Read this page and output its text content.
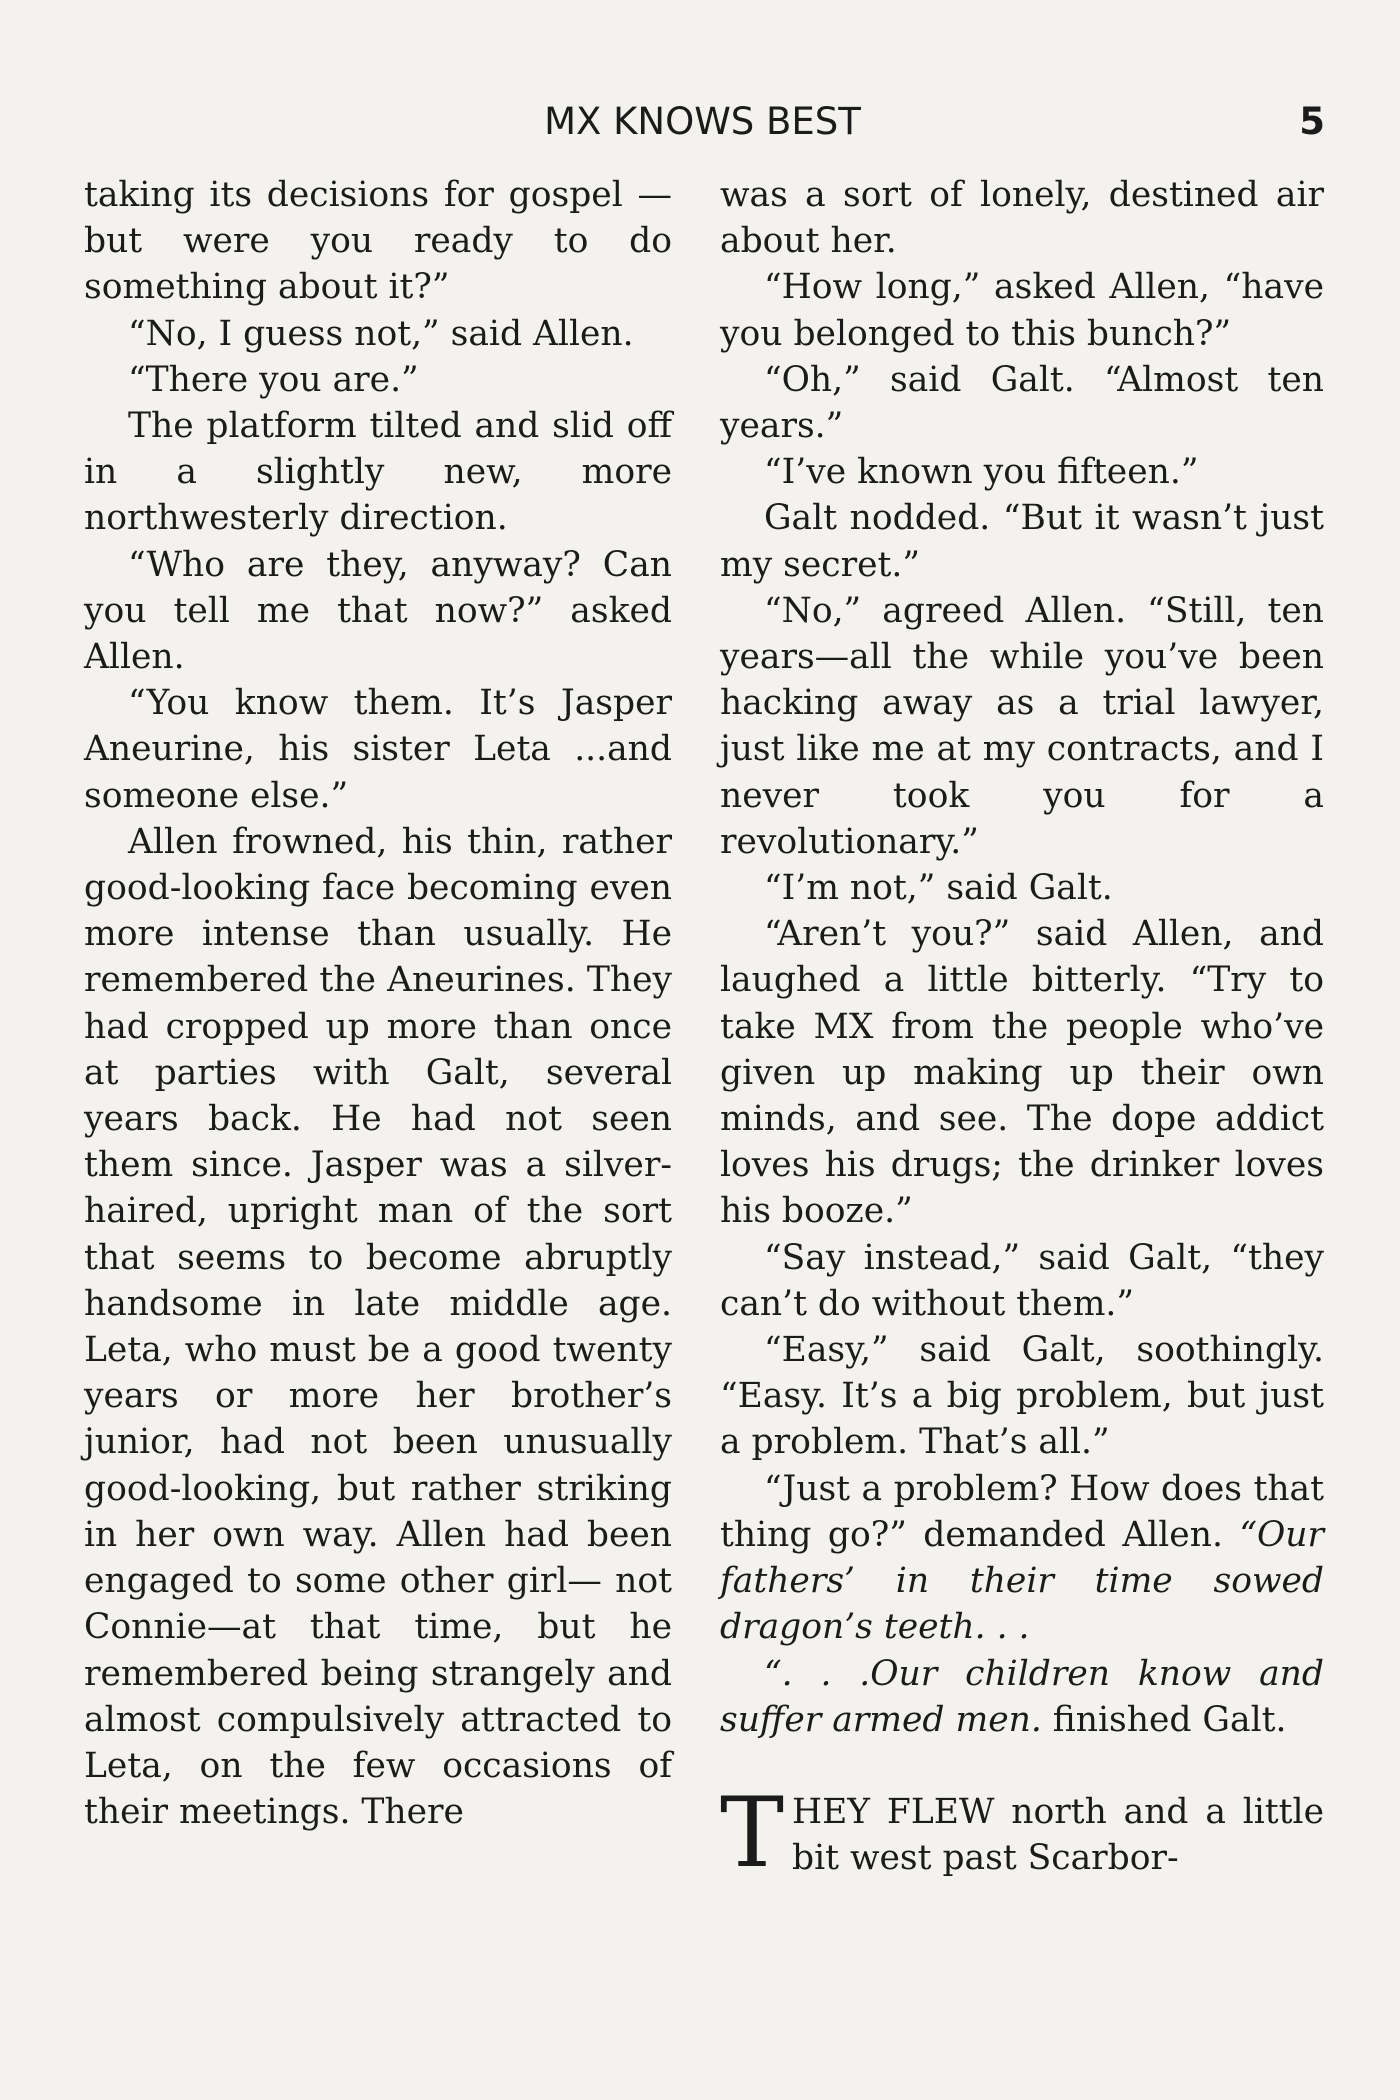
MX KNOWS BEST	5

taking its decisions for gospel —but were you ready to do something about it?”

“No, I guess not,” said Allen.

“There you are.”

The platform tilted and slid off in a slightly new, more northwesterly direction.

“Who are they, anyway? Can you tell me that now?” asked Allen.

“You know them. It’s Jasper Aneurine, his sister Leta ...and someone else.”

Allen frowned, his thin, rather good-looking face becoming even more intense than usually. He remembered the Aneurines. They had cropped up more than once at parties with Galt, several years back. He had not seen them since. Jasper was a silver-haired, upright man of the sort that seems to become abruptly handsome in late middle age. Leta, who must be a good twenty years or more her brother’s junior, had not been unusually good-looking, but rather striking in her own way. Allen had been engaged to some other girl— not Connie—at that time, but he remembered being strangely and almost compulsively attracted to Leta, on the few occasions of their meetings. There

was a sort of lonely, destined air about her.

“How long,” asked Allen, “have you belonged to this bunch?”

“Oh,” said Galt. “Almost ten years.”

“I’ve known you fifteen.”

Galt nodded. “But it wasn’t just my secret.”

“No,” agreed Allen. “Still, ten years—all the while you’ve been hacking away as a trial lawyer, just like me at my contracts, and I never took you for a revolutionary.”

“I’m not,” said Galt.

“Aren’t you?” said Allen, and laughed a little bitterly. “Try to take MX from the people who’ve given up making up their own minds, and see. The dope addict loves his drugs; the drinker loves his booze.”

“Say instead,” said Galt, “they can’t do without them.”

“Easy,” said Galt, soothingly. “Easy. It’s a big problem, but just a problem. That’s all.”

“Just a problem? How does that thing go?” demanded Allen. “Our fathers’ in their time sowed dragon’s teeth. . .

“. . .Our children know and suffer armed men. finished Galt.

THEY FLEW north and a little bit west past Scarbor-
